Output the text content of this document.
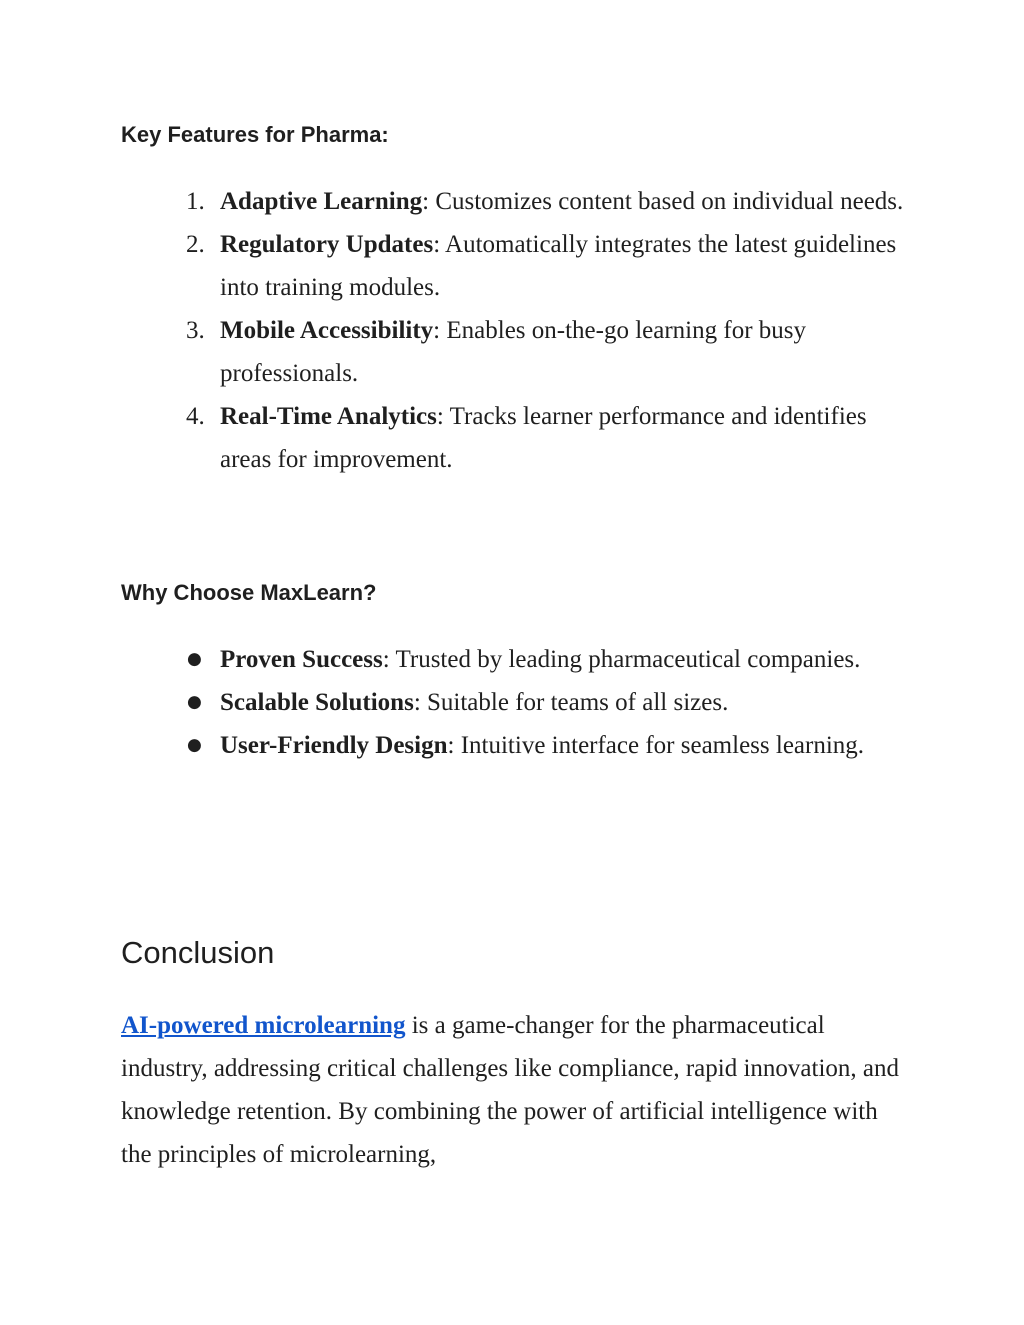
Key Features for Pharma:
1. Adaptive Learning: Customizes content based on individual needs.
2. Regulatory Updates: Automatically integrates the latest guidelines into training modules.
3. Mobile Accessibility: Enables on-the-go learning for busy professionals.
4. Real-Time Analytics: Tracks learner performance and identifies areas for improvement.
Why Choose MaxLearn?
● Proven Success: Trusted by leading pharmaceutical companies.
● Scalable Solutions: Suitable for teams of all sizes.
● User-Friendly Design: Intuitive interface for seamless learning.
Conclusion

AI-powered microlearning is a game-changer for the pharmaceutical industry, addressing critical challenges like compliance, rapid innovation, and knowledge retention. By combining the power of artificial intelligence with the principles of microlearning,
